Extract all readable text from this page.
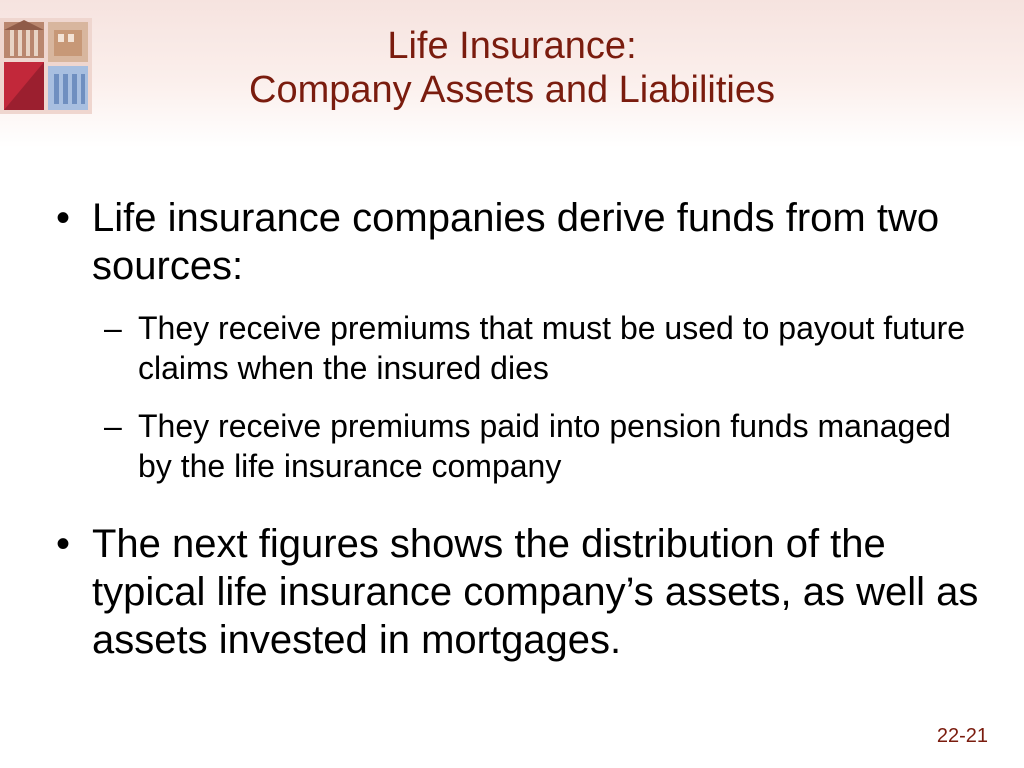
Life Insurance:
Company Assets and Liabilities
• Life insurance companies derive funds from two sources:
– They receive premiums that must be used to payout future claims when the insured dies
– They receive premiums paid into pension funds managed by the life insurance company
• The next figures shows the distribution of the typical life insurance company’s assets, as well as assets invested in mortgages.
22-21
